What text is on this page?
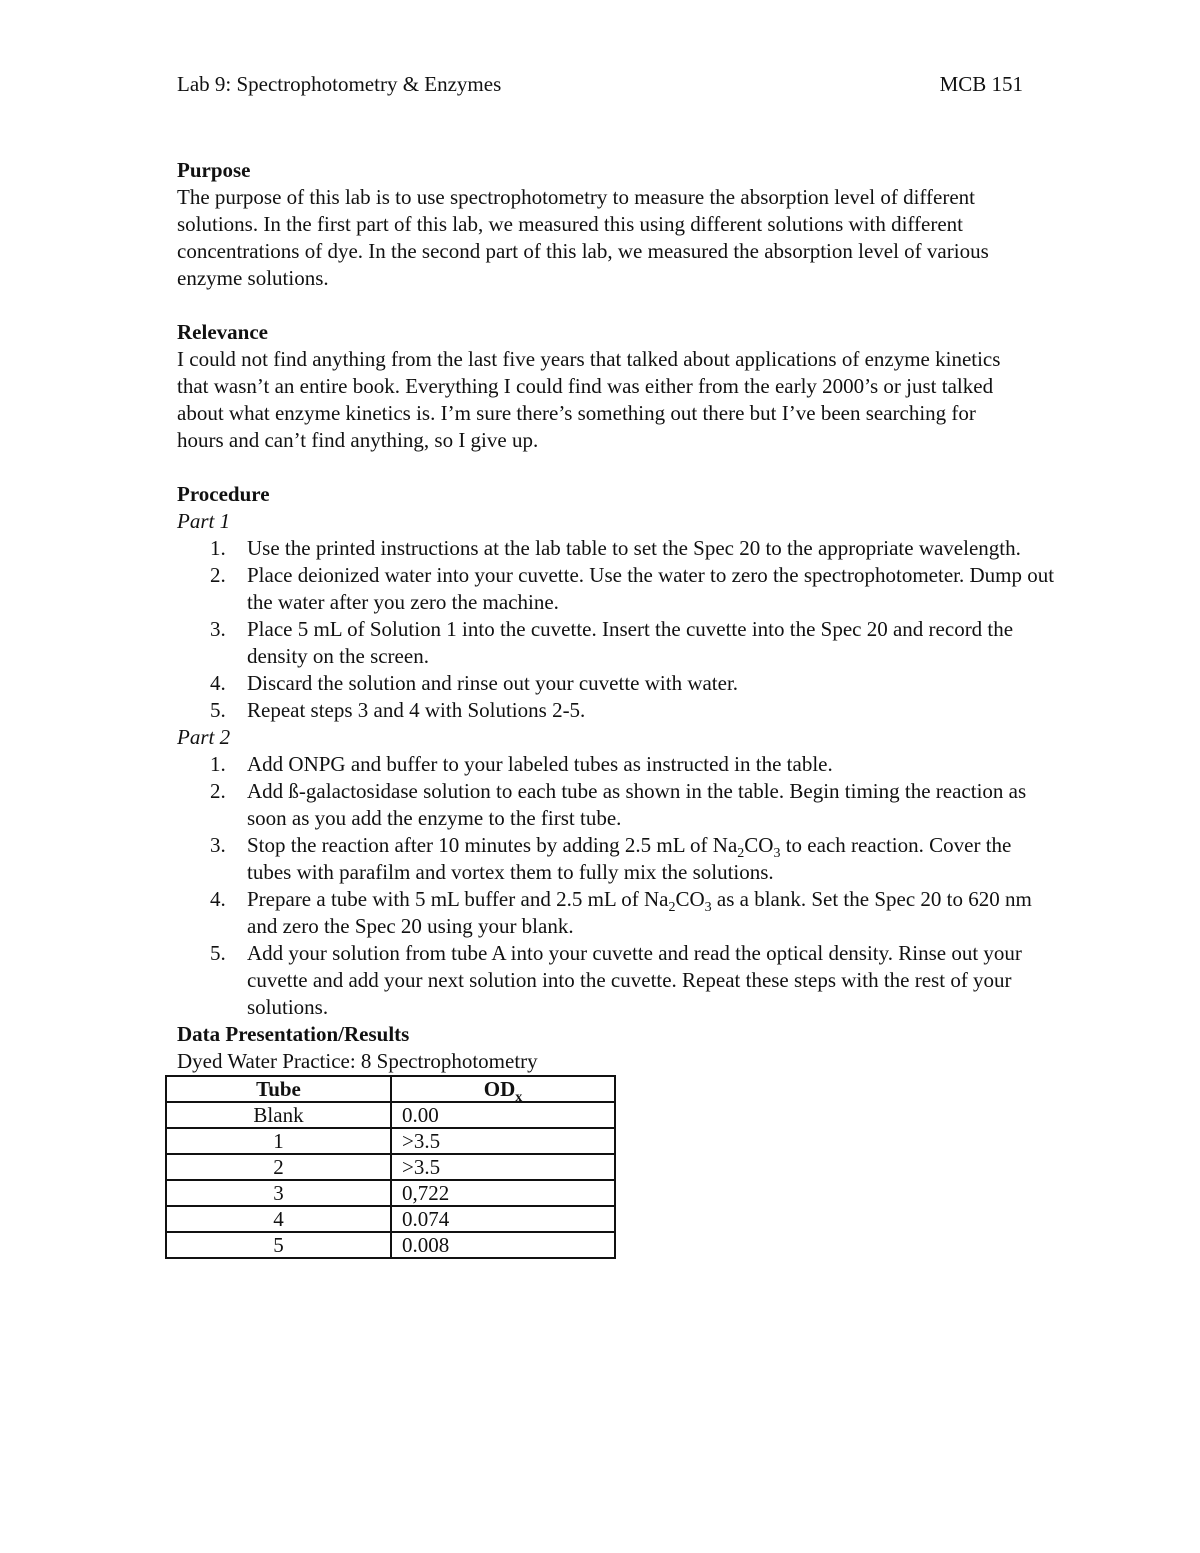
Lab 9: Spectrophotometry & Enzymes	MCB 151

Purpose

The purpose of this lab is to use spectrophotometry to measure the absorption level of different solutions. In the first part of this lab, we measured this using different solutions with different concentrations of dye. In the second part of this lab, we measured the absorption level of various enzyme solutions.

Relevance

I could not find anything from the last five years that talked about applications of enzyme kinetics that wasn’t an entire book. Everything I could find was either from the early 2000’s or just talked about what enzyme kinetics is. I’m sure there’s something out there but I’ve been searching for hours and can’t find anything, so I give up.

Procedure

Part 1

1. Use the printed instructions at the lab table to set the Spec 20 to the appropriate wavelength.
2. Place deionized water into your cuvette. Use the water to zero the spectrophotometer. Dump out the water after you zero the machine.
3. Place 5 mL of Solution 1 into the cuvette. Insert the cuvette into the Spec 20 and record the density on the screen.
4. Discard the solution and rinse out your cuvette with water.
5. Repeat steps 3 and 4 with Solutions 2-5.

Part 2

1. Add ONPG and buffer to your labeled tubes as instructed in the table.
2. Add ß-galactosidase solution to each tube as shown in the table. Begin timing the reaction as soon as you add the enzyme to the first tube.
3. Stop the reaction after 10 minutes by adding 2.5 mL of $Na_2CO_3$ to each reaction. Cover the tubes with parafilm and vortex them to fully mix the solutions.
4. Prepare a tube with 5 mL buffer and 2.5 mL of $Na_2CO_3$ as a blank. Set the Spec 20 to 620 nm and zero the Spec 20 using your blank.
5. Add your solution from tube A into your cuvette and read the optical density. Rinse out your cuvette and add your next solution into the cuvette. Repeat these steps with the rest of your solutions.

Data Presentation/Results

Dyed Water Practice: 8 Spectrophotometry

Tube	$OD_x$
Blank	0.00
1	>3.5
2	>3.5
3	0,722
4	0.074
5	0.008
